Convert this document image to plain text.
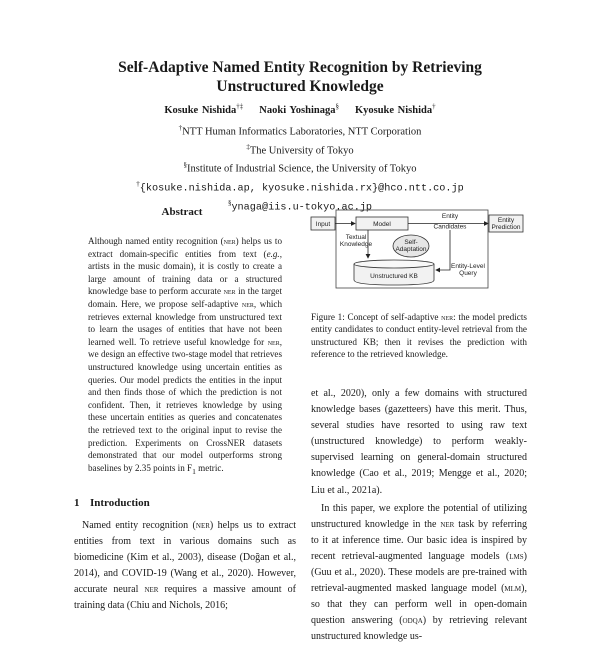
Self-Adaptive Named Entity Recognition by Retrieving
Unstructured Knowledge
Kosuke Nishida†‡ Naoki Yoshinaga§ Kyosuke Nishida†
†NTT Human Informatics Laboratories, NTT Corporation
‡The University of Tokyo
§Institute of Industrial Science, the University of Tokyo
†{kosuke.nishida.ap, kyosuke.nishida.rx}@hco.ntt.co.jp
§ynaga@iis.u-tokyo.ac.jp
Abstract
Although named entity recognition (ner) helps us to extract domain-specific entities from text (e.g., artists in the music domain), it is costly to create a large amount of training data or a structured knowledge base to perform accurate ner in the target domain. Here, we propose self-adaptive ner, which retrieves external knowledge from unstructured text to learn the usages of entities that have not been learned well. To retrieve useful knowledge for ner, we design an effective two-stage model that retrieves unstructured knowledge using uncertain entities as queries. Our model predicts the entities in the input and then finds those of which the prediction is not confident. Then, it retrieves knowledge by using these uncertain entities as queries and concatenates the retrieved text to the original input to revise the prediction. Experiments on CrossNER datasets demonstrated that our model outperforms strong baselines by 2.35 points in $F_1$ metric.
Input	Model
Entity
Prediction
Entity
Candidates
Textual
Knowledge	Self-
Adaptation
Unstructured KB
Entity-Level
Query
Figure 1: Concept of self-adaptive ner: the model predicts entity candidates to conduct entity-level retrieval from the unstructured KB; then it revises the prediction with reference to the retrieved knowledge.
1 Introduction
Named entity recognition (ner) helps us to extract entities from text in various domains such as biomedicine (Kim et al., 2003), disease (Doğan et al., 2014), and COVID-19 (Wang et al., 2020). However, accurate neural ner requires a massive amount of training data (Chiu and Nichols, 2016;

et al., 2020), only a few domains with structured knowledge bases (gazetteers) have this merit. Thus, several studies have resorted to using raw text (unstructured knowledge) to perform weakly-supervised learning on general-domain structured knowledge (Cao et al., 2019; Mengge et al., 2020; Liu et al., 2021a).

In this paper, we explore the potential of utilizing unstructured knowledge in the ner task by referring to it at inference time. Our basic idea is inspired by recent retrieval-augmented language models (lms) (Guu et al., 2020). These models are pre-trained with retrieval-augmented masked language model (mlm), so that they can perform well in open-domain question answering (odqa) by retrieving relevant unstructured knowledge us-
